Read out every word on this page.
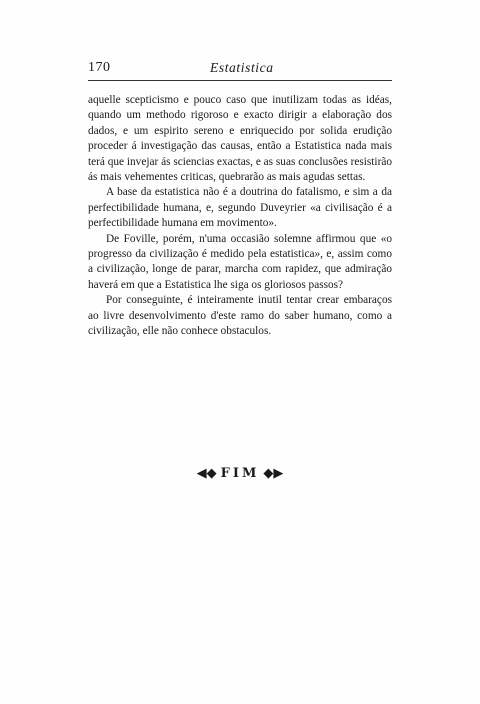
170	Estatistica

aquelle scepticismo e pouco caso que inutilizam todas as idéas, quando um methodo rigoroso e exacto dirigir a elaboração dos dados, e um espirito sereno e enriquecido por solida erudição proceder á investigação das causas, então a Estatistica nada mais terá que invejar ás sciencias exactas, e as suas conclusões resistirão ás mais vehementes criticas, quebrarão as mais agudas settas.

A base da estatistica não é a doutrina do fatalismo, e sim a da perfectibilidade humana, e, segundo Duveyrier «a civilisação é a perfectibilidade humana em movimento».

De Foville, porém, n'uma occasião solemne affirmou que «o progresso da civilização é medido pela estatistica», e, assim como a civilização, longe de parar, marcha com rapidez, que admiração haverá em que a Estatistica lhe siga os gloriosos passos?

Por conseguinte, é inteiramente inutil tentar crear embaraços ao livre desenvolvimento d'este ramo do saber humano, como a civilização, elle não conhece obstaculos.

◀◆ FIM ◆▶
